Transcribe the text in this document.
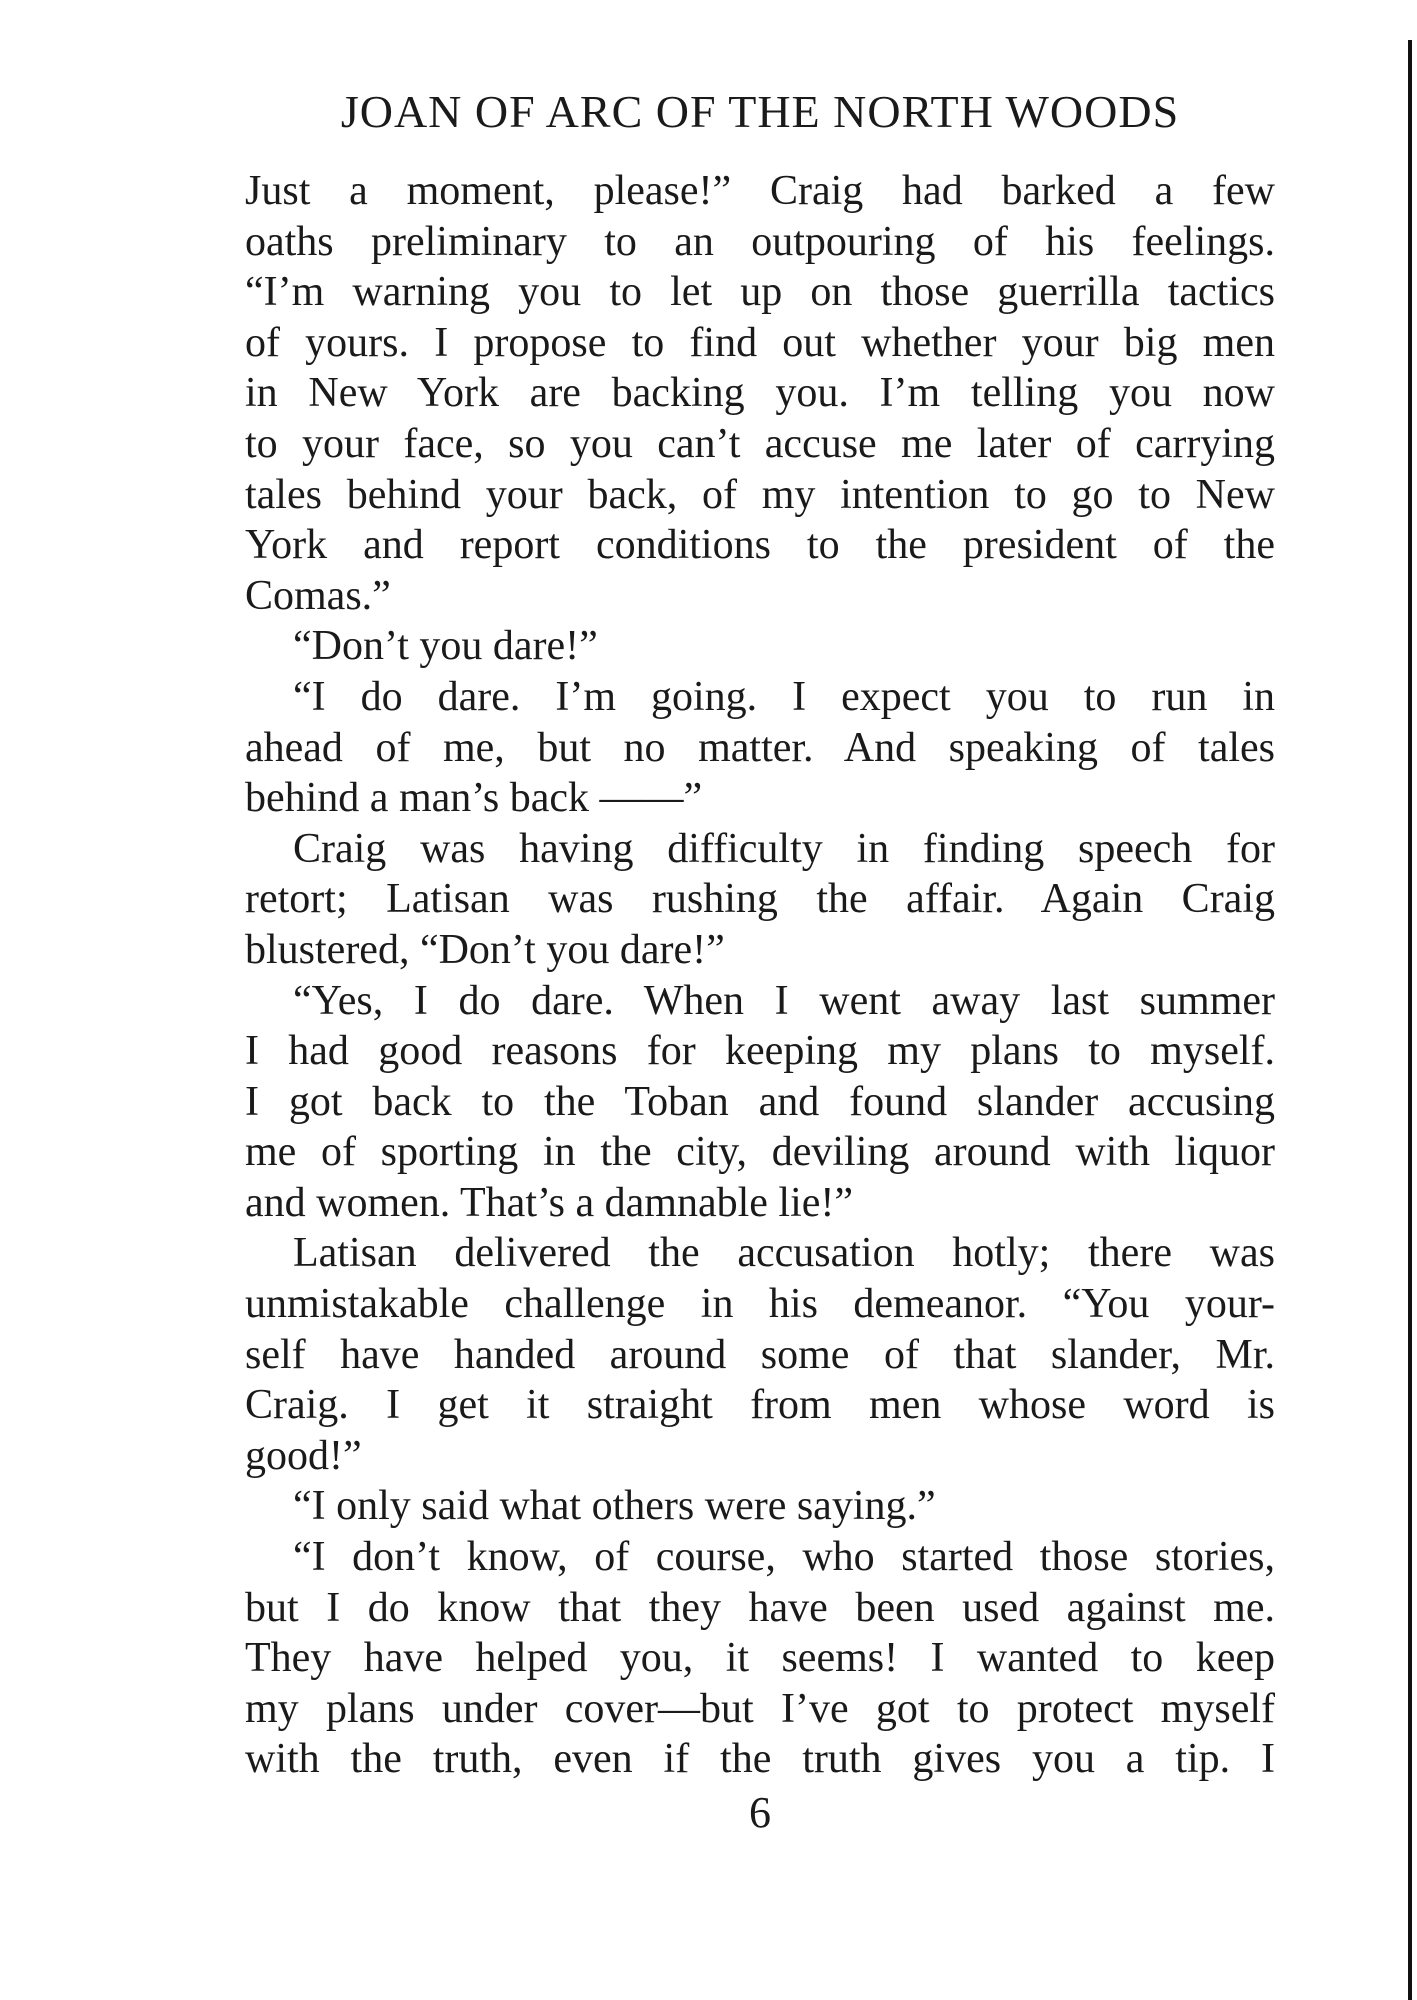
JOAN OF ARC OF THE NORTH WOODS
Just a moment, please!” Craig had barked a few
oaths preliminary to an outpouring of his feelings.
“I’m warning you to let up on those guerrilla tactics
of yours. I propose to find out whether your big men
in New York are backing you. I’m telling you now
to your face, so you can’t accuse me later of carrying
tales behind your back, of my intention to go to New
York and report conditions to the president of the
Comas.”
“Don’t you dare!”
“I do dare. I’m going. I expect you to run in
ahead of me, but no matter. And speaking of tales
behind a man’s back ——”
Craig was having difficulty in finding speech for
retort; Latisan was rushing the affair. Again Craig
blustered, “Don’t you dare!”
“Yes, I do dare. When I went away last summer
I had good reasons for keeping my plans to myself.
I got back to the Toban and found slander accusing
me of sporting in the city, deviling around with liquor
and women. That’s a damnable lie!”
Latisan delivered the accusation hotly; there was
unmistakable challenge in his demeanor. “You your-
self have handed around some of that slander, Mr.
Craig. I get it straight from men whose word is
good!”
“I only said what others were saying.”
“I don’t know, of course, who started those stories,
but I do know that they have been used against me.
They have helped you, it seems! I wanted to keep
my plans under cover—but I’ve got to protect myself
with the truth, even if the truth gives you a tip. I
6
